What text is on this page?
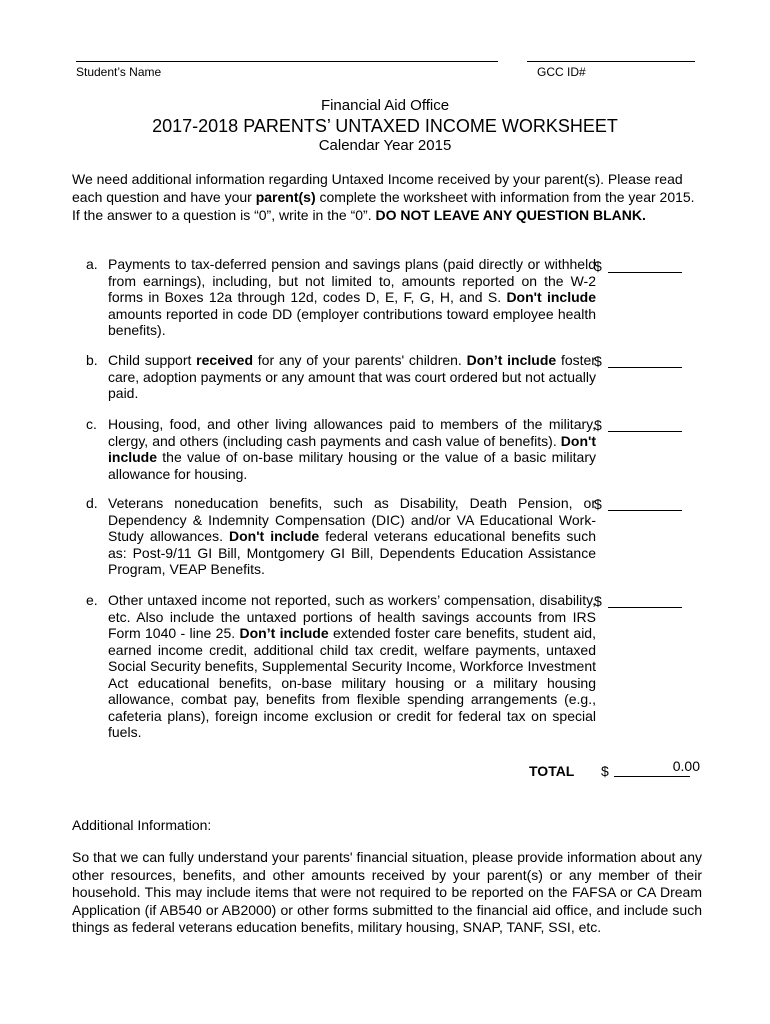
Student’s Name	GCC ID#
Financial Aid Office
2017-2018 PARENTS’ UNTAXED INCOME WORKSHEET
Calendar Year 2015
We need additional information regarding Untaxed Income received by your parent(s). Please read each question and have your parent(s) complete the worksheet with information from the year 2015. If the answer to a question is “0”, write in the “0”. DO NOT LEAVE ANY QUESTION BLANK.
a. Payments to tax-deferred pension and savings plans (paid directly or withheld from earnings), including, but not limited to, amounts reported on the W-2 forms in Boxes 12a through 12d, codes D, E, F, G, H, and S. Don't include amounts reported in code DD (employer contributions toward employee health benefits).
$
b. Child support received for any of your parents' children. Don’t include foster care, adoption payments or any amount that was court ordered but not actually paid.
$
c. Housing, food, and other living allowances paid to members of the military, clergy, and others (including cash payments and cash value of benefits). Don't include the value of on-base military housing or the value of a basic military allowance for housing.
$
d. Veterans noneducation benefits, such as Disability, Death Pension, or Dependency & Indemnity Compensation (DIC) and/or VA Educational Work-Study allowances. Don't include federal veterans educational benefits such as: Post-9/11 GI Bill, Montgomery GI Bill, Dependents Education Assistance Program, VEAP Benefits.
$
e. Other untaxed income not reported, such as workers’ compensation, disability, etc. Also include the untaxed portions of health savings accounts from IRS Form 1040 - line 25. Don’t include extended foster care benefits, student aid, earned income credit, additional child tax credit, welfare payments, untaxed Social Security benefits, Supplemental Security Income, Workforce Investment Act educational benefits, on-base military housing or a military housing allowance, combat pay, benefits from flexible spending arrangements (e.g., cafeteria plans), foreign income exclusion or credit for federal tax on special fuels.
$
TOTAL $	0.00
Additional Information:
So that we can fully understand your parents' financial situation, please provide information about any other resources, benefits, and other amounts received by your parent(s) or any member of their household. This may include items that were not required to be reported on the FAFSA or CA Dream Application (if AB540 or AB2000) or other forms submitted to the financial aid office, and include such things as federal veterans education benefits, military housing, SNAP, TANF, SSI, etc.
